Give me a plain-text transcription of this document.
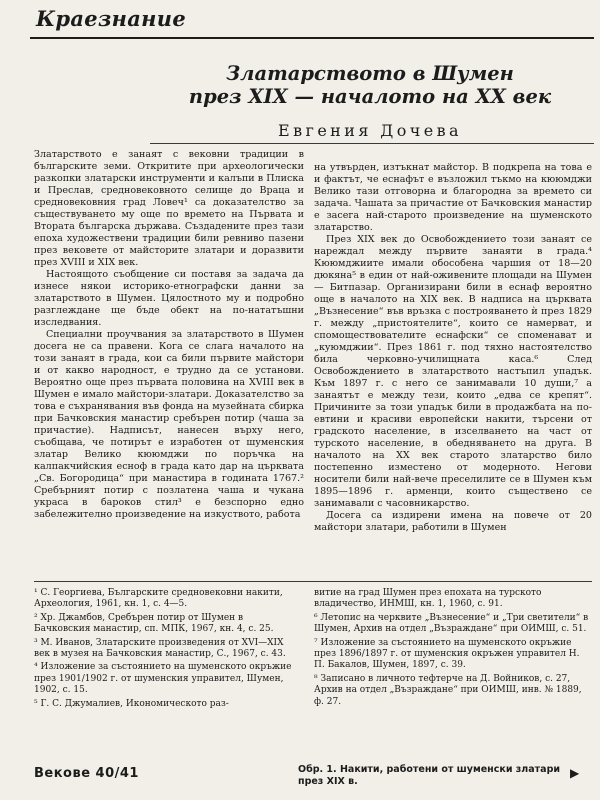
Краезнание
Златарството в Шумен
през XIX — началото на XX век
Евгения Дочева

Златарството е занаят с вековни традиции в българските земи. Откритите при археологически разкопки златарски инструменти и калъпи в Плиска и Преслав, средновековното селище до Враца и средновековния град Ловеч¹ са доказателство за съществуването му още по времето на Първата и Втората българска държава. Създадените през тази епоха художествени традиции били ревниво пазени през вековете от майсторите златари и доразвити през XVIII и XIX век.

Настоящото съобщение си поставя за задача да изнесе някои историко-етнографски данни за златарството в Шумен. Цялостното му и подробно разглеждане ще бъде обект на по-нататъшни изследвания.

Специални проучвания за златарството в Шумен досега не са правени. Кога се слага началото на този занаят в града, кои са били първите майстори и от какво народност, е трудно да се установи. Вероятно още през първата половина на XVIII век в Шумен е имало майстори-златари. Доказателство за това е съхранявания във фонда на музейната сбирка при Бачковския манастир сребърен потир (чаша за причастие). Надписът, нанесен върху него, съобщава, че потирът е изработен от шуменския златар Велико кююмджи по поръчка на калпакчийския есноф в града като дар на църквата „Св. Богородица“ при манастира в годината 1767.² Сребърният потир с позлатена чаша и чукана украса в бароков стил³ е безспорно едно забележително произведение на изкуството, работа

на утвърден, изтъкнат майстор. В подкрепа на това е и фактът, че еснафът е възложил тъкмо на кююмджи Велико тази отговорна и благородна за времето си задача. Чашата за причастие от Бачковския манастир е засега най-старото произведение на шуменското златарство.

През XIX век до Освобождението този занаят се нареждал между първите занаяти в града.⁴ Кююмджиите имали обособена чаршия от 18—20 дюкяна⁵ в един от най-оживените площади на Шумен — Битпазар. Организирани били в еснаф вероятно още в началото на XIX век. В надписа на църквата „Възнесение“ във връзка с построяването ѝ през 1829 г. между „пристоятелите“, които се намерват, и спомоществователите еснафски“ се споменават и „куюмджии“. През 1861 г. под тяхно настоятелство била черковно-училищната каса.⁶ След Освобождението в златарството настъпил упадък. Към 1897 г. с него се занимавали 10 души,⁷ а занаятът е между тези, които „едва се крепят“. Причините за този упадък били в продажбата на по-евтини и красиви европейски накити, търсени от градското население, в изселването на част от турското население, в обедняването на друга. В началото на XX век старото златарство било постепенно изместено от модерното. Негови носители били най-вече преселилите се в Шумен към 1895—1896 г. арменци, които съществено се занимавали с часовникарство.

Досега са издирени имена на повече от 20 майстори златари, работили в Шумен

¹ С. Георгиева, Българските средновековни накити, Археология, 1961, кн. 1, с. 4—5.

² Хр. Джамбов, Сребърен потир от Шумен в Бачковския манастир, сп. МПК, 1967, кн. 4, с. 25.

³ М. Иванов, Златарските произведения от XVI—XIX век в музея на Бачковския манастир, С., 1967, с. 43.

⁴ Изложение за състоянието на шуменското окръжие през 1901/1902 г. от шуменския управител, Шумен, 1902, с. 15.

⁵ Г. С. Джумалиев, Икономическото раз-

витие на град Шумен през епохата на турското владичество, ИНМШ, кн. 1, 1960, с. 91.

⁶ Летопис на черквите „Възнесение“ и „Три светители“ в Шумен, Архив на отдел „Възраждане“ при ОИМШ, с. 51.

⁷ Изложение за състоянието на шуменското окръжие през 1896/1897 г. от шуменския окръжен управител Н. П. Бакалов, Шумен, 1897, с. 39.

⁸ Записано в личното тефтерче на Д. Войников, с. 27, Архив на отдел „Възраждане“ при ОИМШ, инв. № 1889, ф. 27.

Векове 40/41	Обр. 1. Накити, работени от шуменски златари през XIX в.
▶
